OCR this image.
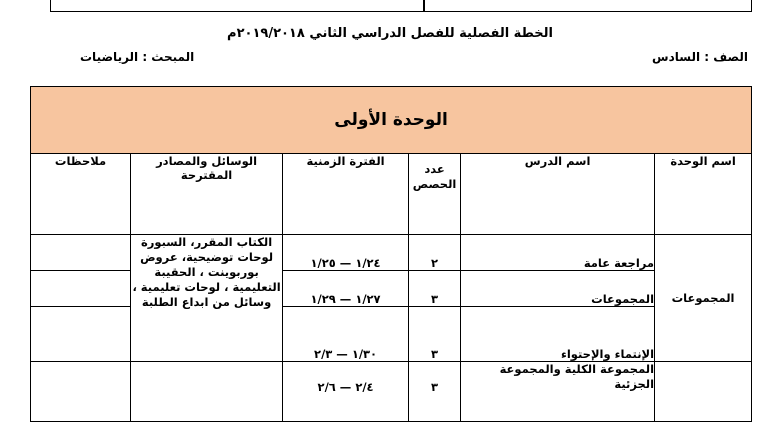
الخطة الفصلية للفصل الدراسي الثاني ٢٠١٩/٢٠١٨م
الصف : السادس
المبحث : الرياضيات
الوحدة الأولى					
اسم الوحدة	اسم الدرس	عدد الحصص	الفترة الزمنية	الوسائل والمصادر المقترحة	ملاحظات
المجموعات	مراجعة عامة	٢	١/٢٤ — ١/٢٥	الكتاب المقرر، السبورة لوحات توضيحية، عروض بوربوينت ، الحقيبة التعليمية ، لوحات تعليمية ، وسائل من ابداع الطلبة	
	المجموعات	٣	١/٢٧ — ١/٢٩		
	الإنتماء والإحتواء	٣	١/٣٠ — ٢/٣		
	المجموعة الكلية والمجموعة الجزئية	٣	٢/٤ — ٢/٦		
